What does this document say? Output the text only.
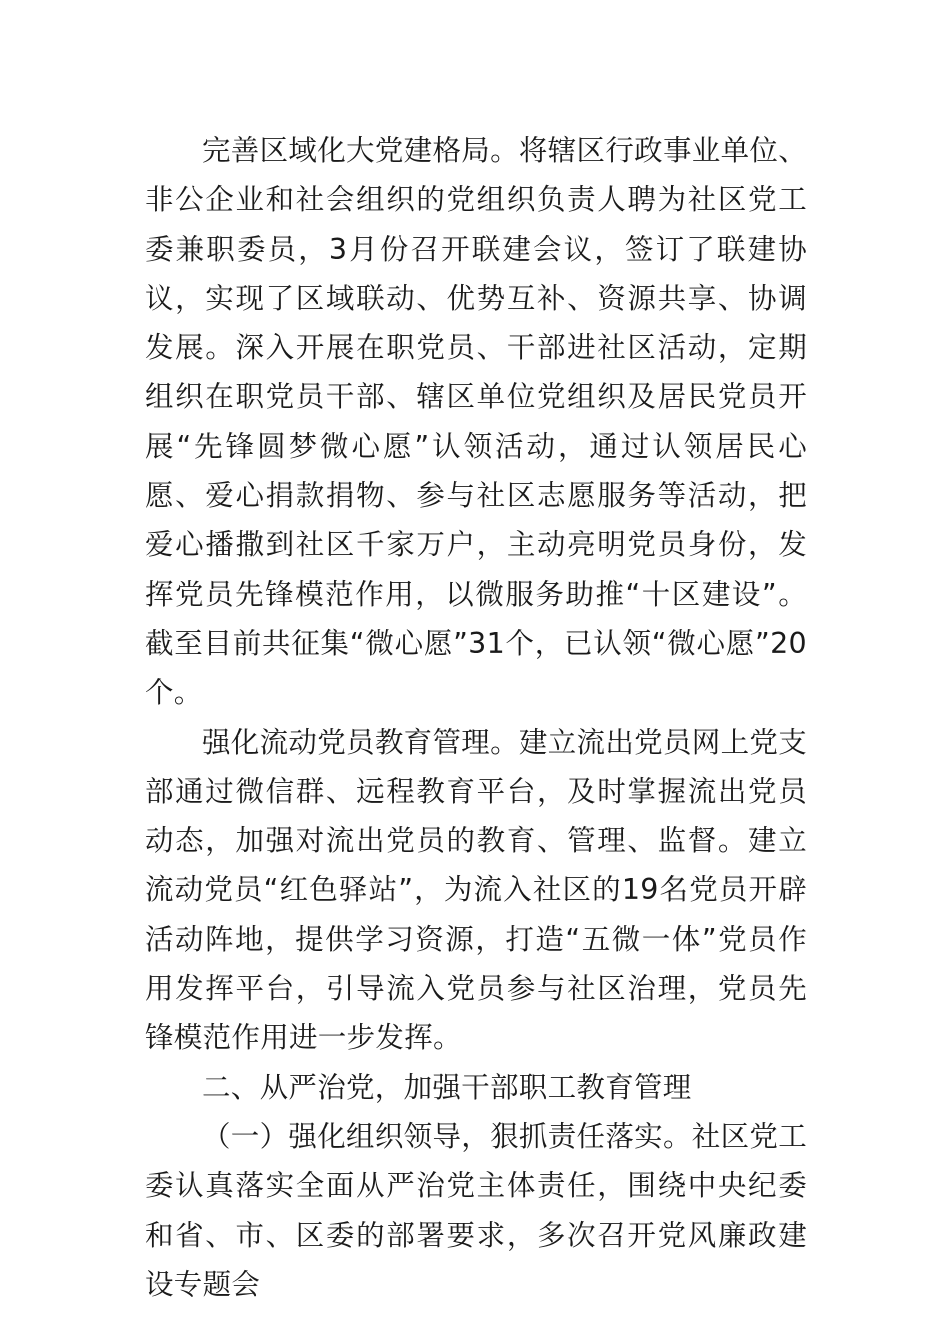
完善区域化大党建格局。将辖区行政事业单位、非公企业和社会组织的党组织负责人聘为社区党工委兼职委员，3月份召开联建会议，签订了联建协议，实现了区域联动、优势互补、资源共享、协调发展。深入开展在职党员、干部进社区活动，定期组织在职党员干部、辖区单位党组织及居民党员开展“先锋圆梦微心愿”认领活动，通过认领居民心愿、爱心捐款捐物、参与社区志愿服务等活动，把爱心播撒到社区千家万户，主动亮明党员身份，发挥党员先锋模范作用，以微服务助推“十区建设”。截至目前共征集“微心愿”31个，已认领“微心愿”20个。

强化流动党员教育管理。建立流出党员网上党支部通过微信群、远程教育平台，及时掌握流出党员动态，加强对流出党员的教育、管理、监督。建立流动党员“红色驿站”，为流入社区的19名党员开辟活动阵地，提供学习资源，打造“五微一体”党员作用发挥平台，引导流入党员参与社区治理，党员先锋模范作用进一步发挥。

二、从严治党，加强干部职工教育管理

（一）强化组织领导，狠抓责任落实。社区党工委认真落实全面从严治党主体责任，围绕中央纪委和省、市、区委的部署要求，多次召开党风廉政建设专题会
